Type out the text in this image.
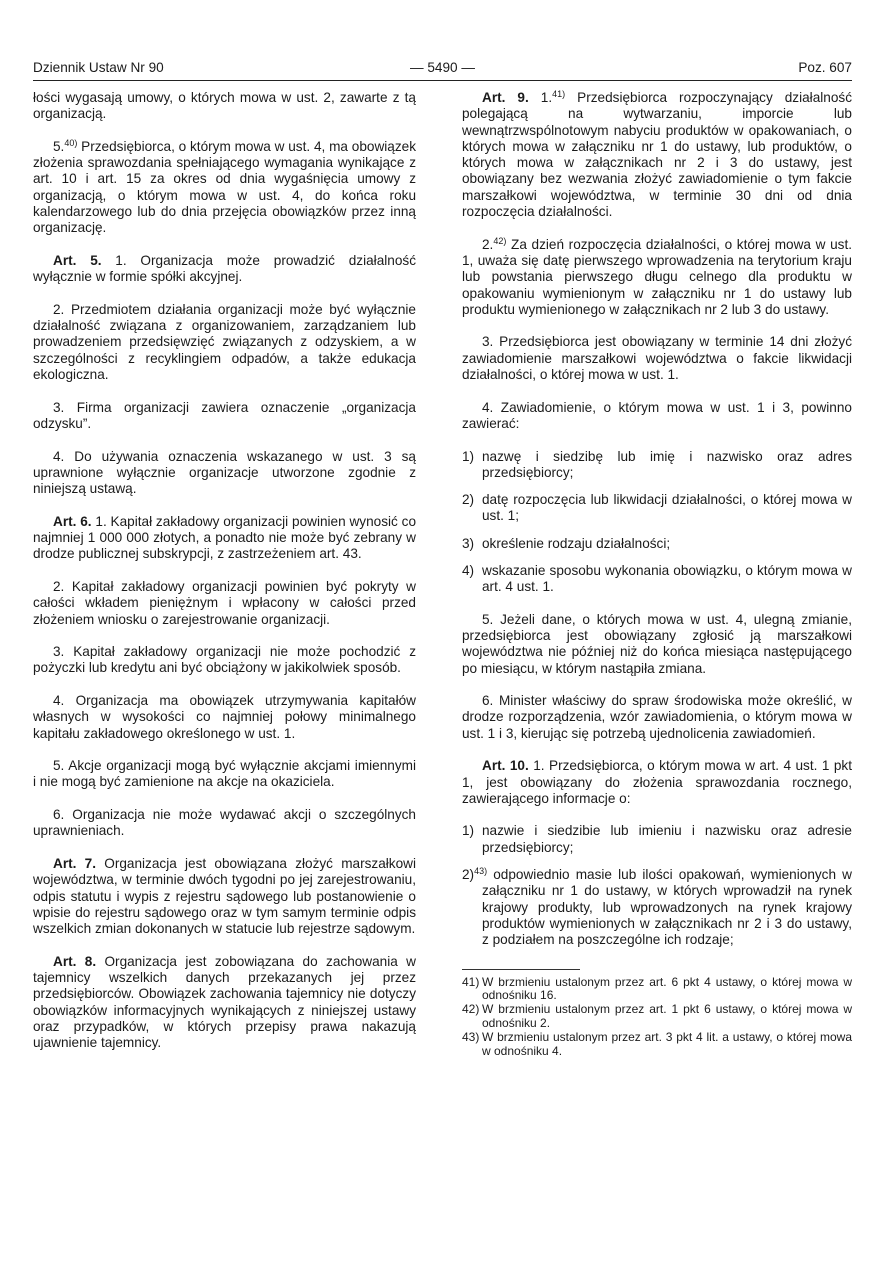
Dziennik Ustaw Nr 90	— 5490 —	Poz. 607

łości wygasają umowy, o których mowa w ust. 2, zawarte z tą organizacją.

5.$^{40)}$ Przedsiębiorca, o którym mowa w ust. 4, ma obowiązek złożenia sprawozdania spełniającego wymagania wynikające z art. 10 i art. 15 za okres od dnia wygaśnięcia umowy z organizacją, o którym mowa w ust. 4, do końca roku kalendarzowego lub do dnia przejęcia obowiązków przez inną organizację.

Art. 5. 1. Organizacja może prowadzić działalność wyłącznie w formie spółki akcyjnej.

2. Przedmiotem działania organizacji może być wyłącznie działalność związana z organizowaniem, zarządzaniem lub prowadzeniem przedsięwzięć związanych z odzyskiem, a w szczególności z recyklingiem odpadów, a także edukacja ekologiczna.

3. Firma organizacji zawiera oznaczenie „organizacja odzysku”.

4. Do używania oznaczenia wskazanego w ust. 3 są uprawnione wyłącznie organizacje utworzone zgodnie z niniejszą ustawą.

Art. 6. 1. Kapitał zakładowy organizacji powinien wynosić co najmniej 1 000 000 złotych, a ponadto nie może być zebrany w drodze publicznej subskrypcji, z zastrzeżeniem art. 43.

2. Kapitał zakładowy organizacji powinien być pokryty w całości wkładem pieniężnym i wpłacony w całości przed złożeniem wniosku o zarejestrowanie organizacji.

3. Kapitał zakładowy organizacji nie może pochodzić z pożyczki lub kredytu ani być obciążony w jakikolwiek sposób.

4. Organizacja ma obowiązek utrzymywania kapitałów własnych w wysokości co najmniej połowy minimalnego kapitału zakładowego określonego w ust. 1.

5. Akcje organizacji mogą być wyłącznie akcjami imiennymi i nie mogą być zamienione na akcje na okaziciela.

6. Organizacja nie może wydawać akcji o szczególnych uprawnieniach.

Art. 7. Organizacja jest obowiązana złożyć marszałkowi województwa, w terminie dwóch tygodni po jej zarejestrowaniu, odpis statutu i wypis z rejestru sądowego lub postanowienie o wpisie do rejestru sądowego oraz w tym samym terminie odpis wszelkich zmian dokonanych w statucie lub rejestrze sądowym.

Art. 8. Organizacja jest zobowiązana do zachowania w tajemnicy wszelkich danych przekazanych jej przez przedsiębiorców. Obowiązek zachowania tajemnicy nie dotyczy obowiązków informacyjnych wynikających z niniejszej ustawy oraz przypadków, w których przepisy prawa nakazują ujawnienie tajemnicy.

Art. 9. 1.$^{41)}$ Przedsiębiorca rozpoczynający działalność polegającą na wytwarzaniu, imporcie lub wewnątrzwspólnotowym nabyciu produktów w opakowaniach, o których mowa w załączniku nr 1 do ustawy, lub produktów, o których mowa w załącznikach nr 2 i 3 do ustawy, jest obowiązany bez wezwania złożyć zawiadomienie o tym fakcie marszałkowi województwa, w terminie 30 dni od dnia rozpoczęcia działalności.

2.$^{42)}$ Za dzień rozpoczęcia działalności, o której mowa w ust. 1, uważa się datę pierwszego wprowadzenia na terytorium kraju lub powstania pierwszego długu celnego dla produktu w opakowaniu wymienionym w załączniku nr 1 do ustawy lub produktu wymienionego w załącznikach nr 2 lub 3 do ustawy.

3. Przedsiębiorca jest obowiązany w terminie 14 dni złożyć zawiadomienie marszałkowi województwa o fakcie likwidacji działalności, o której mowa w ust. 1.

4. Zawiadomienie, o którym mowa w ust. 1 i 3, powinno zawierać:

1) nazwę i siedzibę lub imię i nazwisko oraz adres przedsiębiorcy;
2) datę rozpoczęcia lub likwidacji działalności, o której mowa w ust. 1;
3) określenie rodzaju działalności;
4) wskazanie sposobu wykonania obowiązku, o którym mowa w art. 4 ust. 1.

5. Jeżeli dane, o których mowa w ust. 4, ulegną zmianie, przedsiębiorca jest obowiązany zgłosić ją marszałkowi województwa nie później niż do końca miesiąca następującego po miesiącu, w którym nastąpiła zmiana.

6. Minister właściwy do spraw środowiska może określić, w drodze rozporządzenia, wzór zawiadomienia, o którym mowa w ust. 1 i 3, kierując się potrzebą ujednolicenia zawiadomień.

Art. 10. 1. Przedsiębiorca, o którym mowa w art. 4 ust. 1 pkt 1, jest obowiązany do złożenia sprawozdania rocznego, zawierającego informacje o:

1) nazwie i siedzibie lub imieniu i nazwisku oraz adresie przedsiębiorcy;
2)$^{43)}$ odpowiednio masie lub ilości opakowań, wymienionych w załączniku nr 1 do ustawy, w których wprowadził na rynek krajowy produkty, lub wprowadzonych na rynek krajowy produktów wymienionych w załącznikach nr 2 i 3 do ustawy, z podziałem na poszczególne ich rodzaje;

41) W brzmieniu ustalonym przez art. 6 pkt 4 ustawy, o której mowa w odnośniku 16.

42) W brzmieniu ustalonym przez art. 1 pkt 6 ustawy, o której mowa w odnośniku 2.

43) W brzmieniu ustalonym przez art. 3 pkt 4 lit. a ustawy, o której mowa w odnośniku 4.
